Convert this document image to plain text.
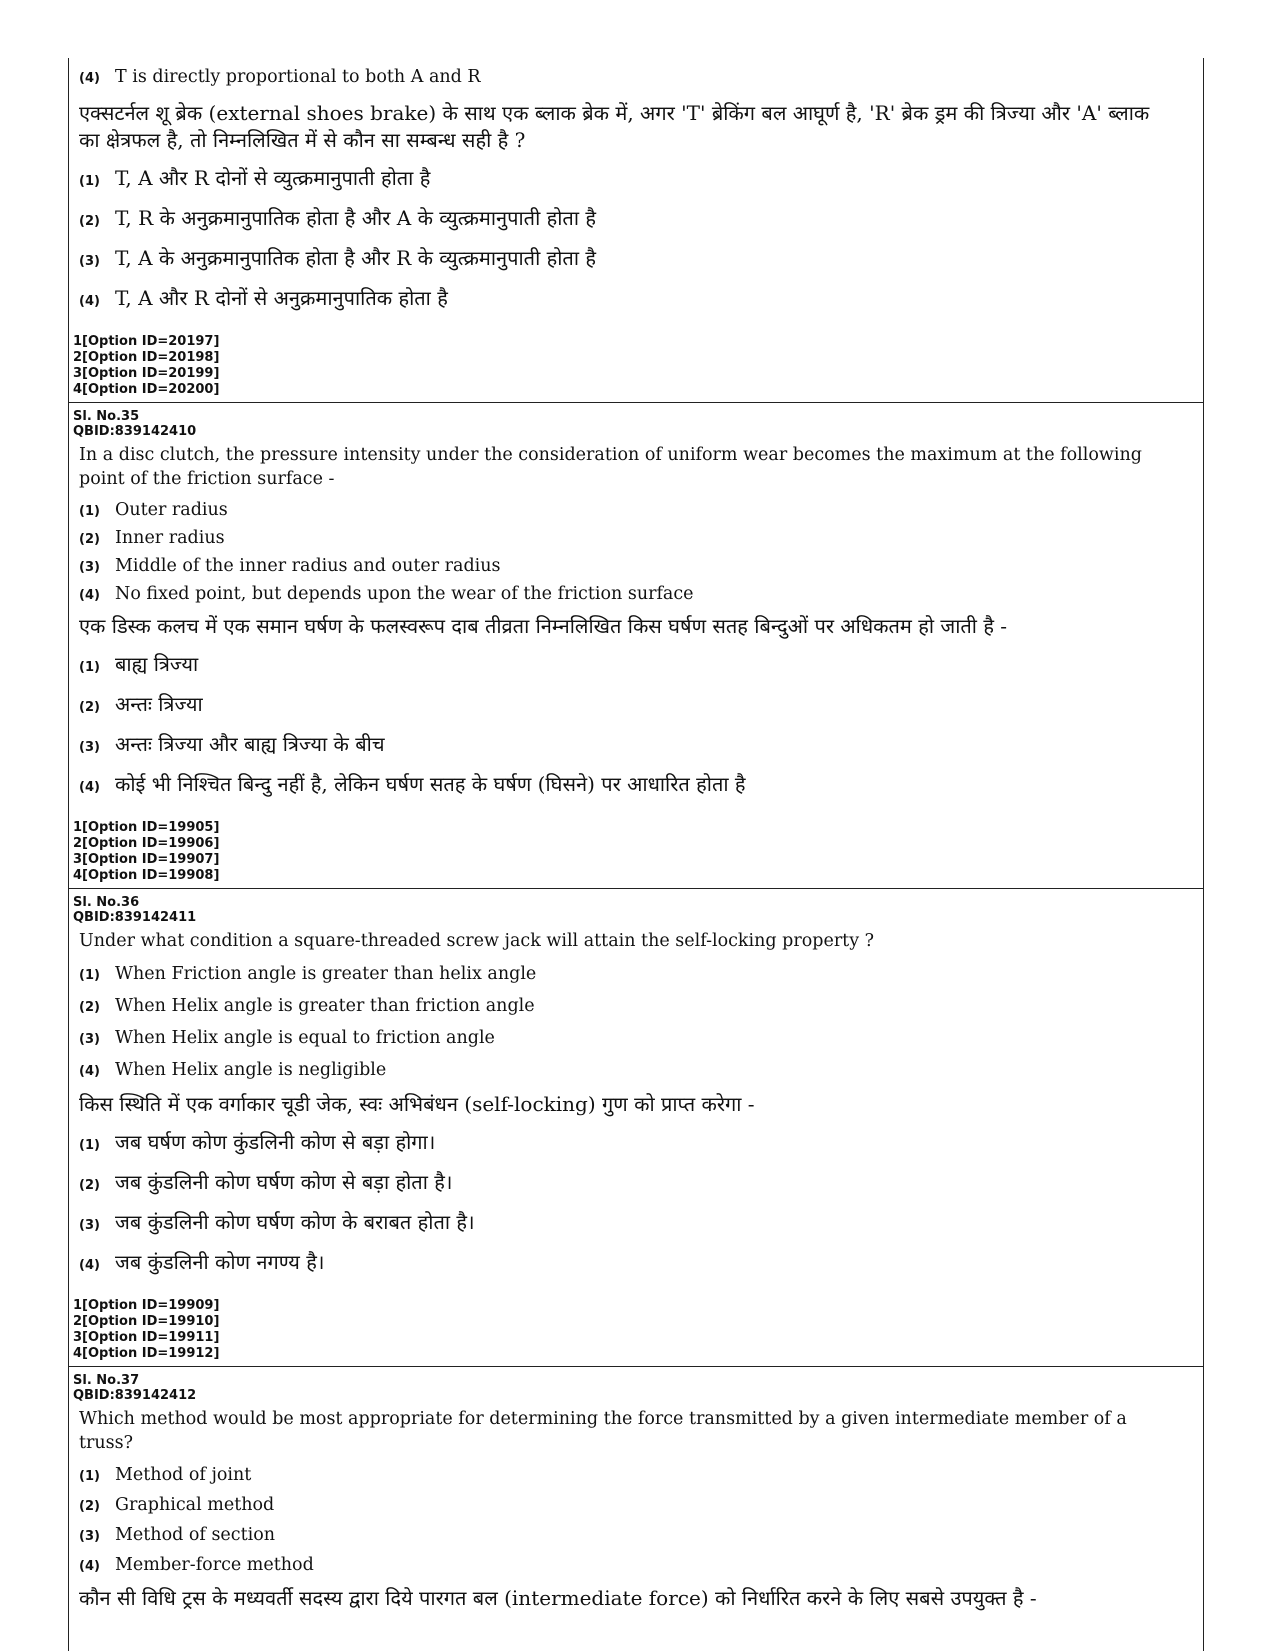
(4) T is directly proportional to both A and R
एक्सटर्नल शू ब्रेक (external shoes brake) के साथ एक ब्लाक ब्रेक में, अगर 'T' ब्रेकिंग बल आघूर्ण है, 'R' ब्रेक ड्रम की त्रिज्या और 'A' ब्लाक का क्षेत्रफल है, तो निम्नलिखित में से कौन सा सम्बन्ध सही है ?
(1) T, A और R दोनों से व्युत्क्रमानुपाती होता है
(2) T, R के अनुक्रमानुपातिक होता है और A के व्युत्क्रमानुपाती होता है
(3) T, A के अनुक्रमानुपातिक होता है और R के व्युत्क्रमानुपाती होता है
(4) T, A और R दोनों से अनुक्रमानुपातिक होता है
1[Option ID=20197]
2[Option ID=20198]
3[Option ID=20199]
4[Option ID=20200]
Sl. No.35
QBID:839142410
In a disc clutch, the pressure intensity under the consideration of uniform wear becomes the maximum at the following point of the friction surface -
(1) Outer radius
(2) Inner radius
(3) Middle of the inner radius and outer radius
(4) No fixed point, but depends upon the wear of the friction surface
एक डिस्क कलच में एक समान घर्षण के फलस्वरूप दाब तीव्रता निम्नलिखित किस घर्षण सतह बिन्दुओं पर अधिकतम हो जाती है -
(1) बाह्य त्रिज्या
(2) अन्तः त्रिज्या
(3) अन्तः त्रिज्या और बाह्य त्रिज्या के बीच
(4) कोई भी निश्चित बिन्दु नहीं है, लेकिन घर्षण सतह के घर्षण (घिसने) पर आधारित होता है
1[Option ID=19905]
2[Option ID=19906]
3[Option ID=19907]
4[Option ID=19908]
Sl. No.36
QBID:839142411
Under what condition a square-threaded screw jack will attain the self-locking property ?
(1) When Friction angle is greater than helix angle
(2) When Helix angle is greater than friction angle
(3) When Helix angle is equal to friction angle
(4) When Helix angle is negligible
किस स्थिति में एक वर्गाकार चूडी जेक, स्वः अभिबंधन (self-locking) गुण को प्राप्त करेगा -
(1) जब घर्षण कोण कुंडलिनी कोण से बड़ा होगा।
(2) जब कुंडलिनी कोण घर्षण कोण से बड़ा होता है।
(3) जब कुंडलिनी कोण घर्षण कोण के बराबत होता है।
(4) जब कुंडलिनी कोण नगण्य है।
1[Option ID=19909]
2[Option ID=19910]
3[Option ID=19911]
4[Option ID=19912]
Sl. No.37
QBID:839142412
Which method would be most appropriate for determining the force transmitted by a given intermediate member of a truss?
(1) Method of joint
(2) Graphical method
(3) Method of section
(4) Member-force method
कौन सी विधि ट्रस के मध्यवर्ती सदस्य द्वारा दिये पारगत बल (intermediate force) को निर्धारित करने के लिए सबसे उपयुक्त है -
